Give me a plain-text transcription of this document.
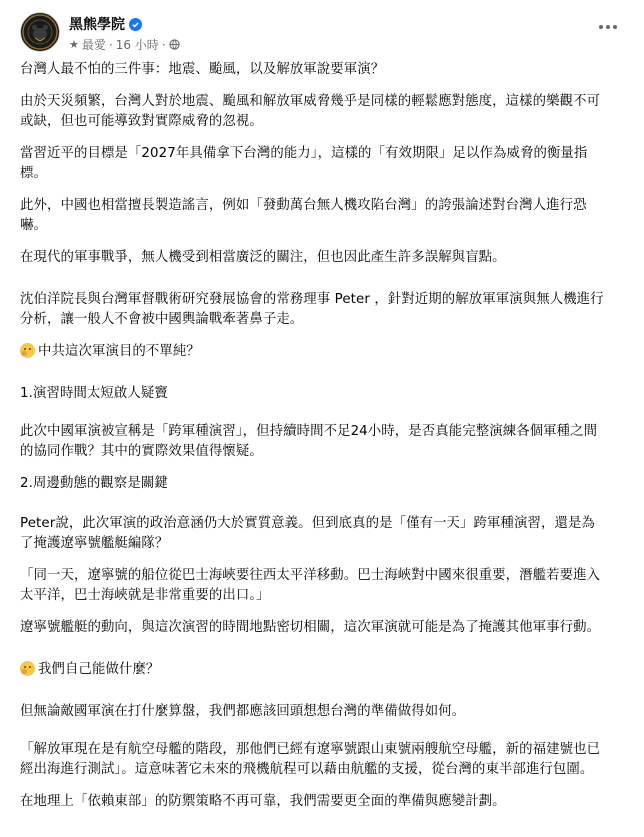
黑熊學院
★ 最愛 · 16 小時 ·

台灣人最不怕的三件事：地震、颱風，以及解放軍說要軍演？

由於天災頻繁，台灣人對於地震、颱風和解放軍威脅幾乎是同樣的輕鬆應對態度，這樣的樂觀不可
或缺，但也可能導致對實際威脅的忽視。

當習近平的目標是「2027年具備拿下台灣的能力」，這樣的「有效期限」足以作為威脅的衡量指
標。

此外，中國也相當擅長製造謠言，例如「發動萬台無人機攻陷台灣」的誇張論述對台灣人進行恐
嚇。

在現代的軍事戰爭，無人機受到相當廣泛的關注，但也因此產生許多誤解與盲點。

沈伯洋院長與台灣軍督戰術研究發展協會的常務理事 Peter ，針對近期的解放軍軍演與無人機進行
分析，讓一般人不會被中國輿論戰牽著鼻子走。

中共這次軍演目的不單純？

1.演習時間太短啟人疑竇

此次中國軍演被宣稱是「跨軍種演習」，但持續時間不足24小時，是否真能完整演練各個軍種之間
的協同作戰？其中的實際效果值得懷疑。

2.周邊動態的觀察是關鍵

Peter說，此次軍演的政治意涵仍大於實質意義。但到底真的是「僅有一天」跨軍種演習，還是為
了掩護遼寧號艦艇編隊？

「同一天，遼寧號的船位從巴士海峽要往西太平洋移動。巴士海峽對中國來很重要，潛艦若要進入
太平洋，巴士海峽就是非常重要的出口。」

遼寧號艦艇的動向，與這次演習的時間地點密切相關，這次軍演就可能是為了掩護其他軍事行動。

我們自己能做什麼？

但無論敵國軍演在打什麼算盤，我們都應該回頭想想台灣的準備做得如何。

「解放軍現在是有航空母艦的階段，那他們已經有遼寧號跟山東號兩艘航空母艦，新的福建號也已
經出海進行測試」。這意味著它未來的飛機航程可以藉由航艦的支援，從台灣的東半部進行包圍。

在地理上「依賴東部」的防禦策略不再可靠，我們需要更全面的準備與應變計劃。
